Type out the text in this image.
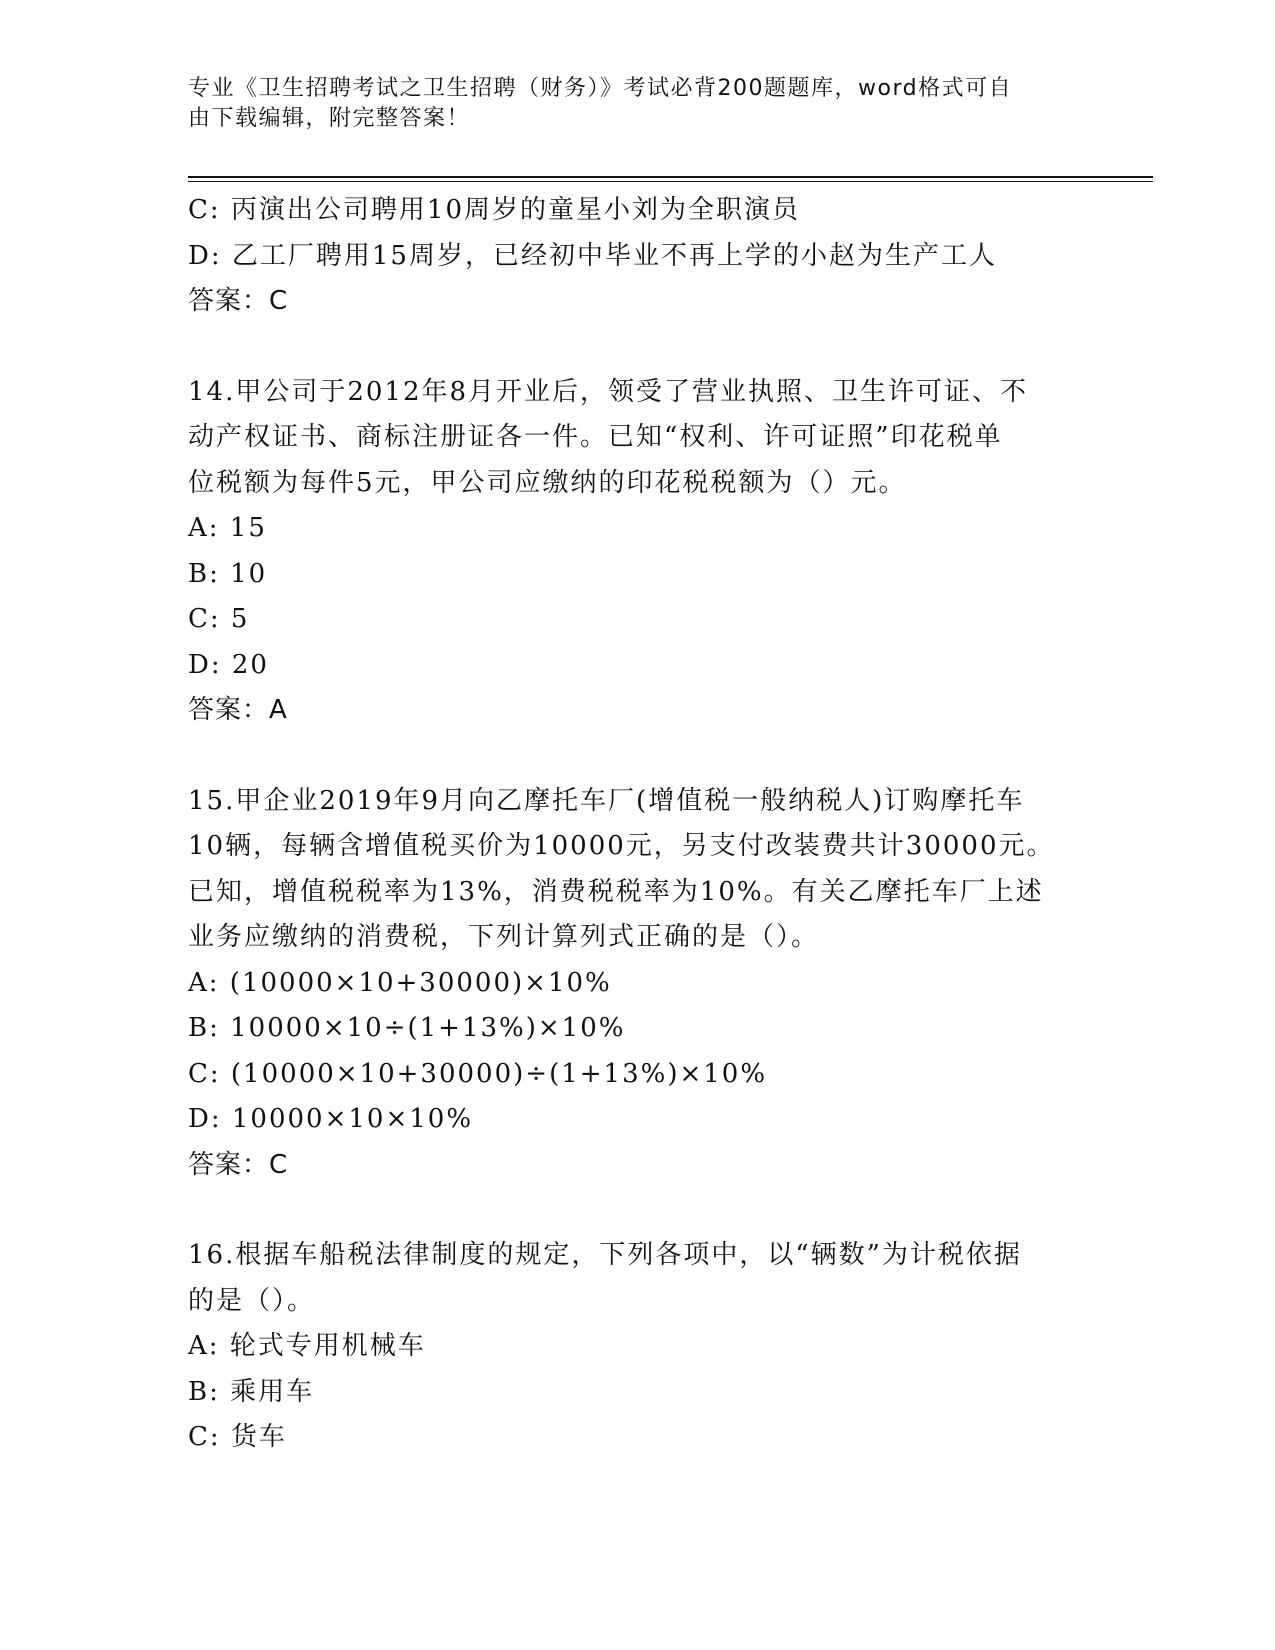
专业《卫生招聘考试之卫生招聘（财务）》考试必背200题题库，word格式可自
由下载编辑，附完整答案！
C: 丙演出公司聘用10周岁的童星小刘为全职演员
D: 乙工厂聘用15周岁，已经初中毕业不再上学的小赵为生产工人
答案：C
14.甲公司于2012年8月开业后，领受了营业执照、卫生许可证、不
动产权证书、商标注册证各一件。已知“权利、许可证照”印花税单
位税额为每件5元，甲公司应缴纳的印花税税额为（）元。
A: 15
B: 10
C: 5
D: 20
答案：A
15.甲企业2019年9月向乙摩托车厂(增值税一般纳税人)订购摩托车
10辆，每辆含增值税买价为10000元，另支付改装费共计30000元。
已知，增值税税率为13%，消费税税率为10%。有关乙摩托车厂上述
业务应缴纳的消费税，下列计算列式正确的是（）。
A: (10000×10+30000)×10%
B: 10000×10÷(1+13%)×10%
C: (10000×10+30000)÷(1+13%)×10%
D: 10000×10×10%
答案：C
16.根据车船税法律制度的规定，下列各项中，以“辆数”为计税依据
的是（）。
A: 轮式专用机械车
B: 乘用车
C: 货车
